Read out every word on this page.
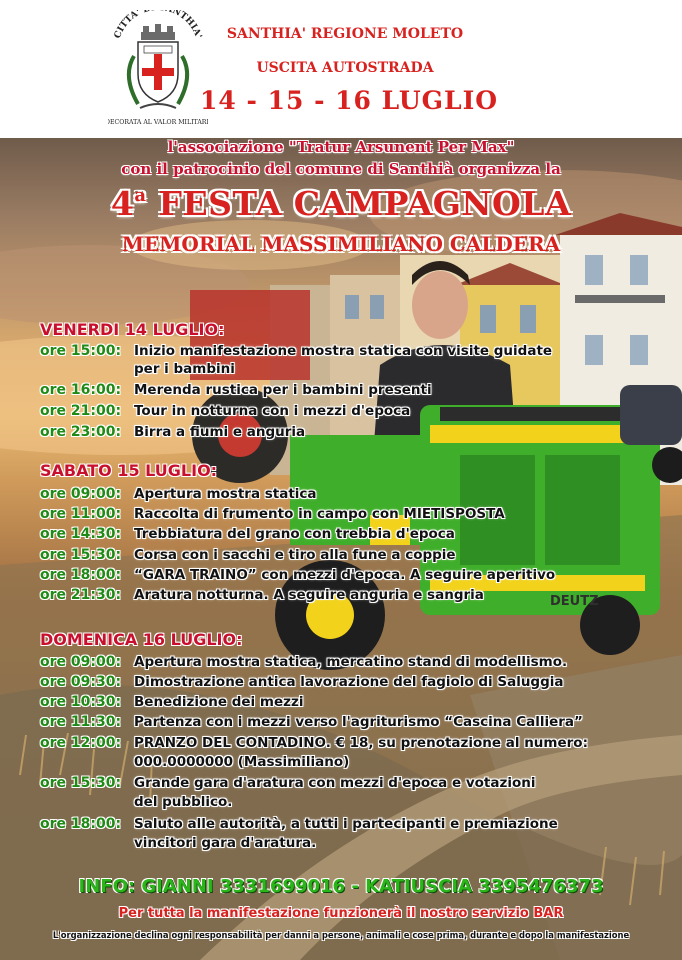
DEUTZ
CITTA' NTHIA'
DECORATA AL VALOR MILITARE
SANTHIA' REGIONE MOLETO
USCITA AUTOSTRADA
14 - 15 - 16 LUGLIO
l'associazione "Tratur Arsunent Per Max"
con il patrocinio del comune di Santhià organizza la
4$^a$ FESTA CAMPAGNOLA
MEMORIAL MASSIMILIANO CALDERA
VENERDI 14 LUGLIO:
ore 15:00: Inizio manifestazione mostra statica con visite guidate
per i bambini
ore 16:00: Merenda rustica per i bambini presenti
ore 21:00: Tour in notturna con i mezzi d'epoca
ore 23:00: Birra a fiumi e anguria
SABATO 15 LUGLIO:
ore 09:00: Apertura mostra statica
ore 11:00: Raccolta di frumento in campo con MIETISPOSTA
ore 14:30: Trebbiatura del grano con trebbia d'epoca
ore 15:30: Corsa con i sacchi e tiro alla fune a coppie
ore 18:00: “GARA TRAINO” con mezzi d'epoca. A seguire aperitivo
ore 21:30: Aratura notturna. A seguire anguria e sangria
DOMENICA 16 LUGLIO:
ore 09:00: Apertura mostra statica, mercatino stand di modellismo.
ore 09:30: Dimostrazione antica lavorazione del fagiolo di Saluggia
ore 10:30: Benedizione dei mezzi
ore 11:30: Partenza con i mezzi verso l'agriturismo “Cascina Calliera”
ore 12:00: PRANZO DEL CONTADINO. € 18, su prenotazione al numero:
000.0000000 (Massimiliano)
ore 15:30: Grande gara d'aratura con mezzi d'epoca e votazioni
del pubblico.
ore 18:00: Saluto alle autorità, a tutti i partecipanti e premiazione
vincitori gara d'aratura.
INFO: GIANNI 3331699016 - KATIUSCIA 3395476373
Per tutta la manifestazione funzionerà il nostro servizio BAR
L'organizzazione declina ogni responsabilità per danni a persone, animali e cose prima, durante e dopo la manifestazione
